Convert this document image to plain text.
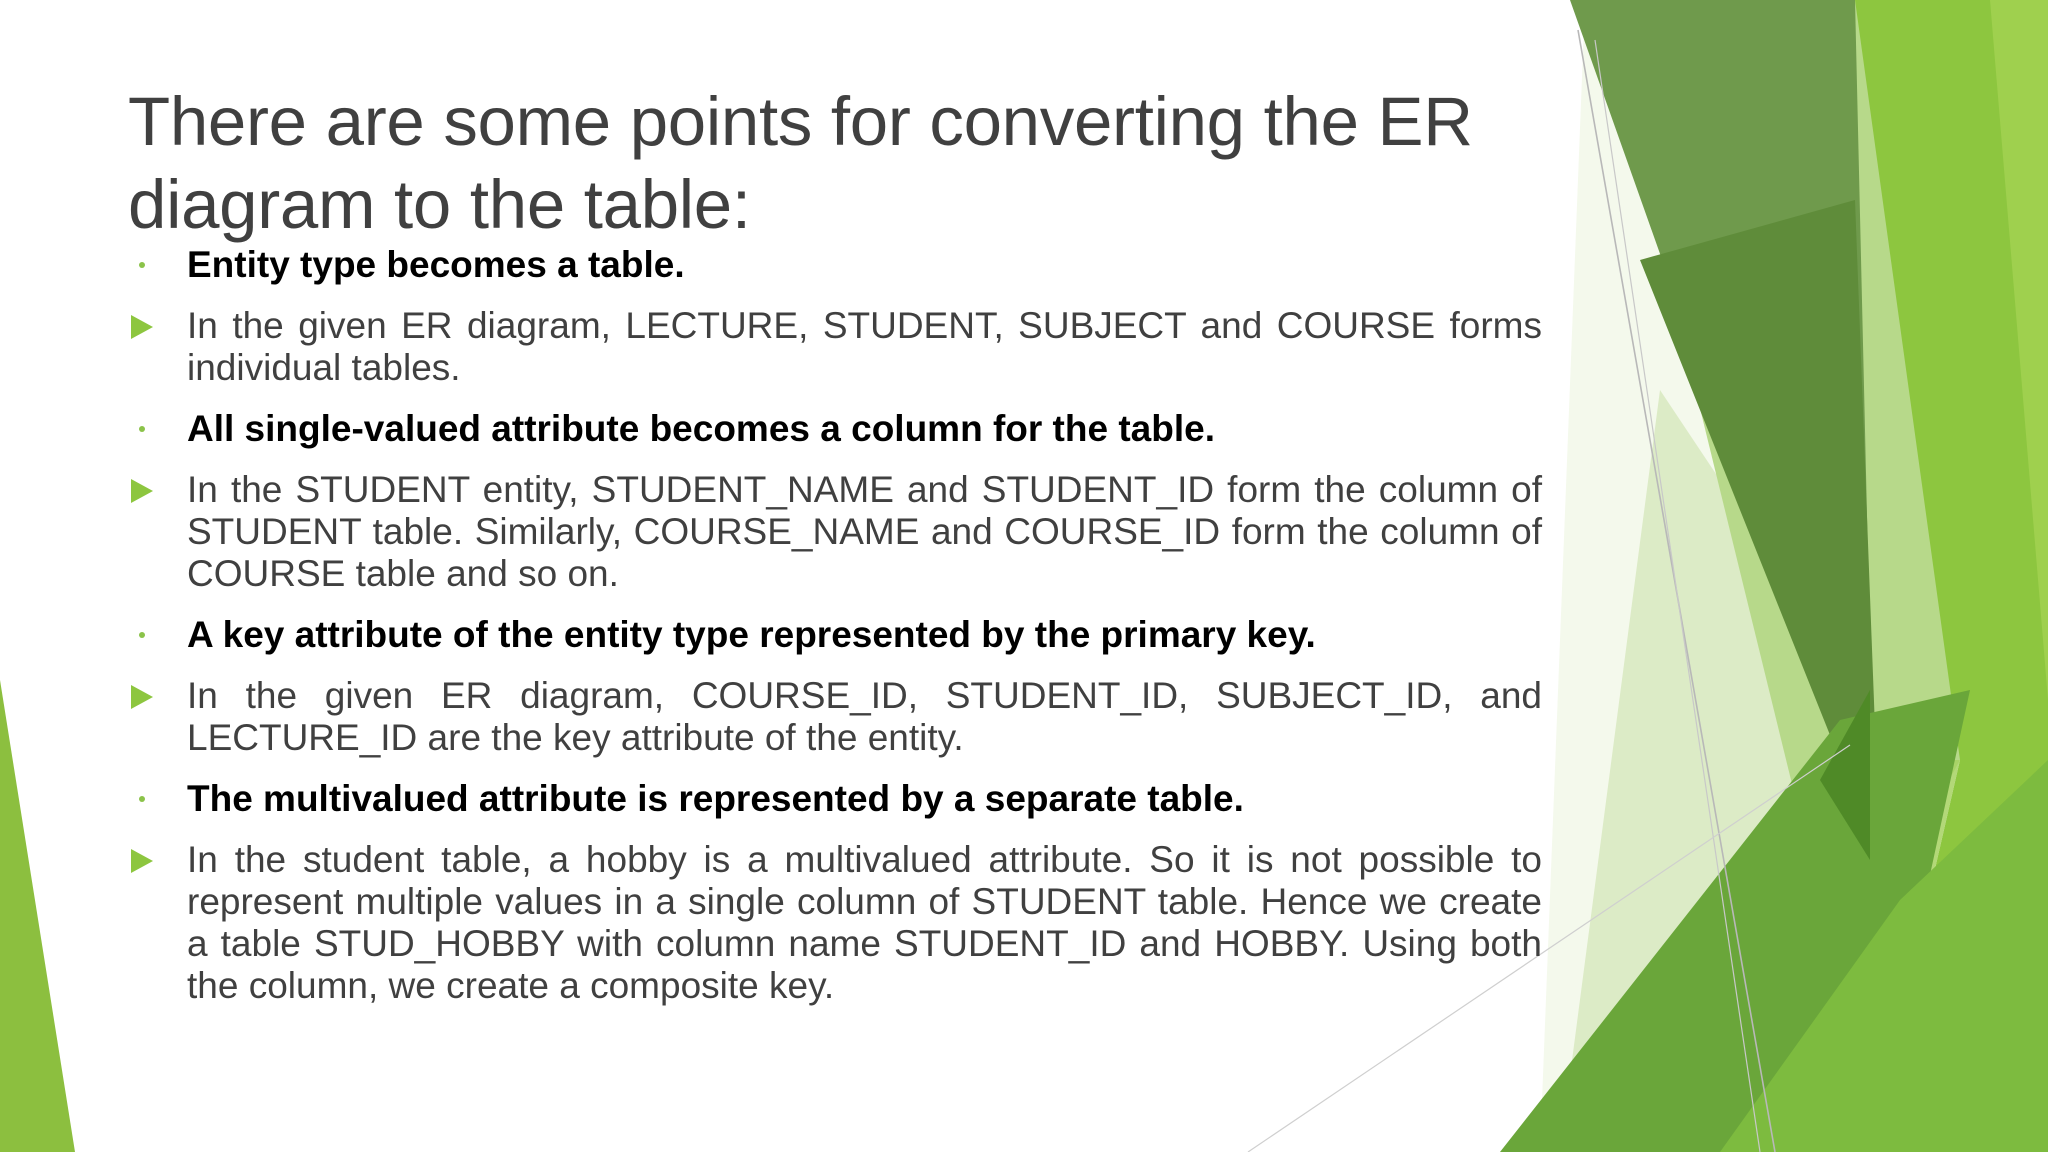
There are some points for converting the ER diagram to the table:
Entity type becomes a table.
In the given ER diagram, LECTURE, STUDENT, SUBJECT and COURSE forms individual tables.
All single-valued attribute becomes a column for the table.
In the STUDENT entity, STUDENT_NAME and STUDENT_ID form the column of STUDENT table. Similarly, COURSE_NAME and COURSE_ID form the column of COURSE table and so on.
A key attribute of the entity type represented by the primary key.
In the given ER diagram, COURSE_ID, STUDENT_ID, SUBJECT_ID, and LECTURE_ID are the key attribute of the entity.
The multivalued attribute is represented by a separate table.
In the student table, a hobby is a multivalued attribute. So it is not possible to represent multiple values in a single column of STUDENT table. Hence we create a table STUD_HOBBY with column name STUDENT_ID and HOBBY. Using both the column, we create a composite key.
